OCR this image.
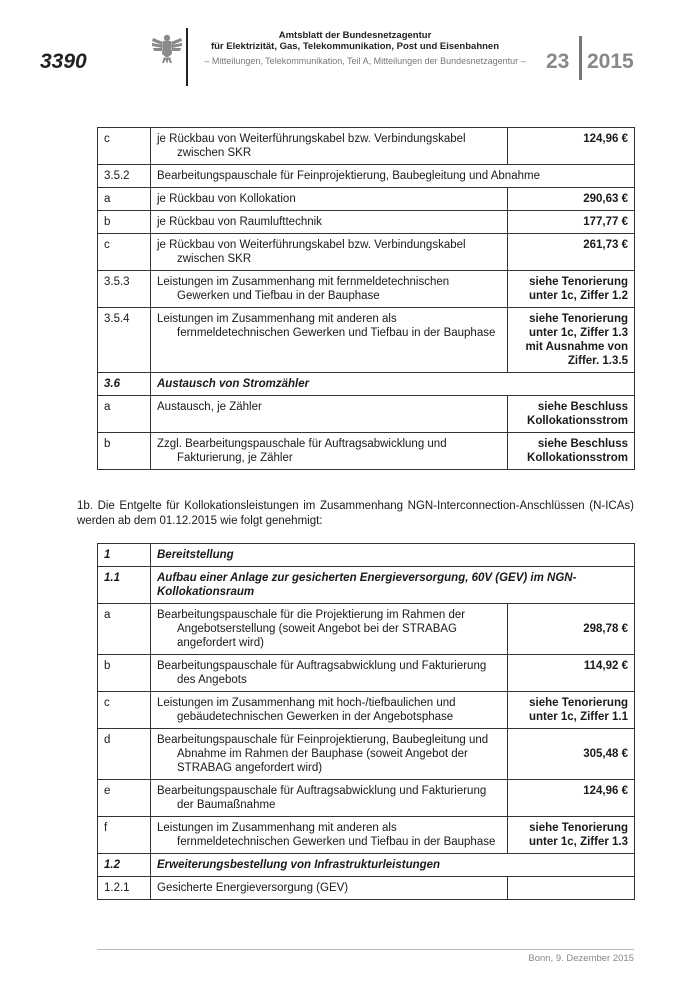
3390
Amtsblatt der Bundesnetzagentur
für Elektrizität, Gas, Telekommunikation, Post und Eisenbahnen
– Mitteilungen, Telekommunikation, Teil A, Mitteilungen der Bundesnetzagentur – 23 2015
c	je Rückbau von Weiterführungskabel bzw. Verbindungskabel zwischen SKR	124,96 €
3.5.2	Bearbeitungspauschale für Feinprojektierung, Baubegleitung und Abnahme	

a	je Rückbau von Kollokation	290,63 €
b	je Rückbau von Raumlufttechnik	177,77 €
c	je Rückbau von Weiterführungskabel bzw. Verbindungskabel zwischen SKR	261,73 €
3.5.3	Leistungen im Zusammenhang mit fernmeldetechnischen Gewerken und Tiefbau in der Bauphase	siehe Tenorierung unter 1c, Ziffer 1.2
3.5.4	Leistungen im Zusammenhang mit anderen als fernmeldetechnischen Gewerken und Tiefbau in der Bauphase	siehe Tenorierung unter 1c, Ziffer 1.3 mit Ausnahme von Ziffer. 1.3.5
3.6	Austausch von Stromzähler	
a	Austausch, je Zähler	siehe Beschluss Kollokationsstrom
b	Zzgl. Bearbeitungspauschale für Auftragsabwicklung und Fakturierung, je Zähler	siehe Beschluss Kollokationsstrom
1b. Die Entgelte für Kollokationsleistungen im Zusammenhang NGN-Interconnection-Anschlüssen (N-ICAs) werden ab dem 01.12.2015 wie folgt genehmigt:
1	Bereitstellung	
1.1	Aufbau einer Anlage zur gesicherten Energieversorgung, 60V (GEV) im NGN-Kollokationsraum	
a	Bearbeitungspauschale für die Projektierung im Rahmen der Angebotserstellung (soweit Angebot bei der STRABAG angefordert wird)	298,78 €
b	Bearbeitungspauschale für Auftragsabwicklung und Fakturierung des Angebots	114,92 €
c	Leistungen im Zusammenhang mit hoch-/tiefbaulichen und gebäudetechnischen Gewerken in der Angebotsphase	siehe Tenorierung unter 1c, Ziffer 1.1
d	Bearbeitungspauschale für Feinprojektierung, Baubegleitung und Abnahme im Rahmen der Bauphase (soweit Angebot der STRABAG angefordert wird)	305,48 €
e	Bearbeitungspauschale für Auftragsabwicklung und Fakturierung der Baumaßnahme	124,96 €
f	Leistungen im Zusammenhang mit anderen als fernmeldetechnischen Gewerken und Tiefbau in der Bauphase	siehe Tenorierung unter 1c, Ziffer 1.3
1.2	Erweiterungsbestellung von Infrastrukturleistungen	
1.2.1	Gesicherte Energieversorgung (GEV)	

Bonn, 9. Dezember 2015
